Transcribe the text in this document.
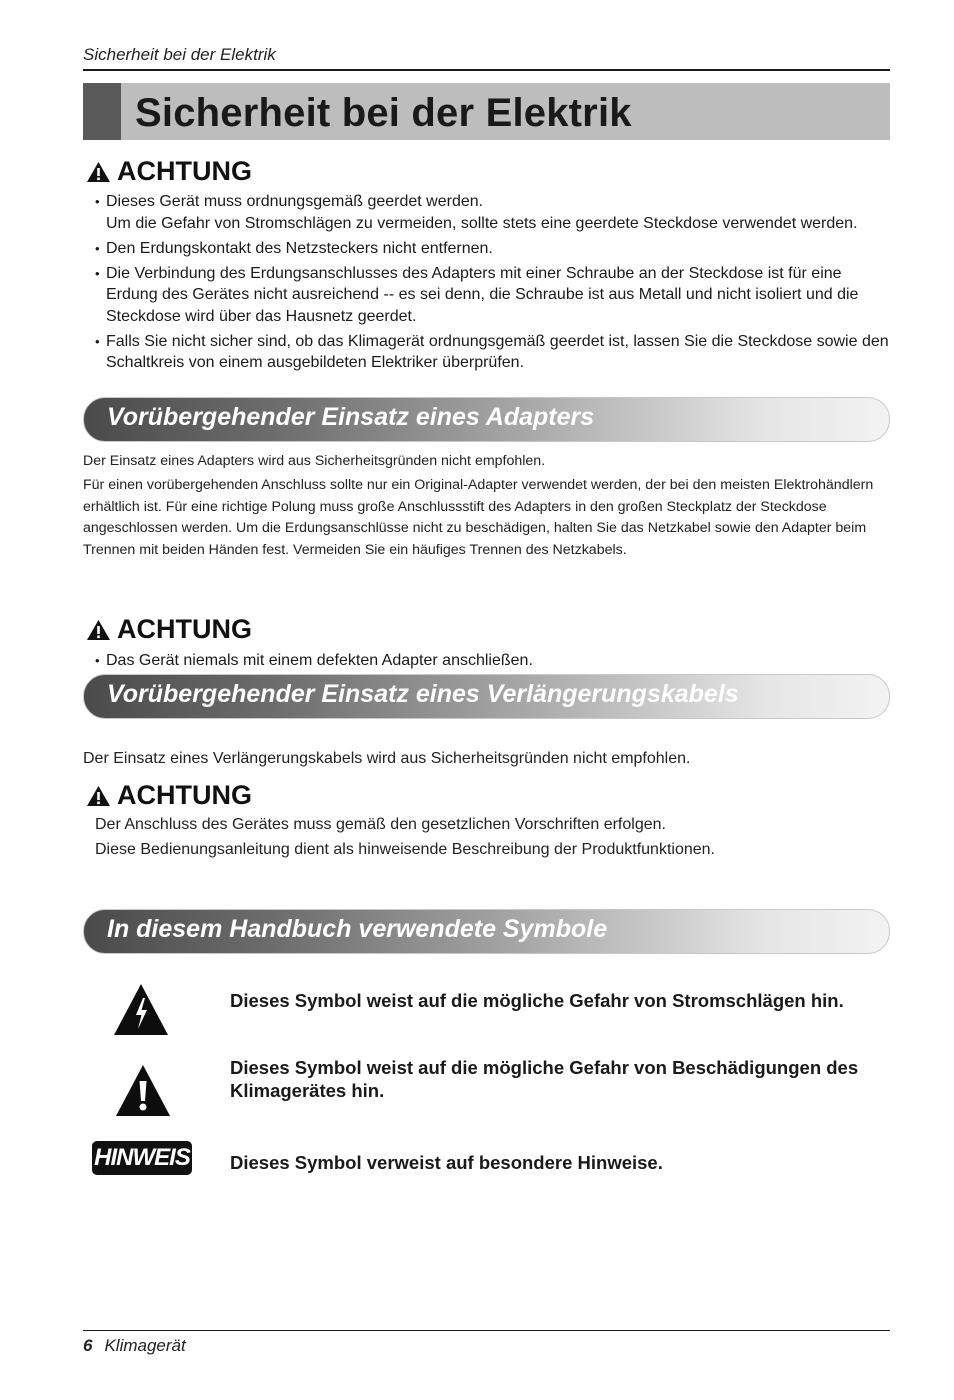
Sicherheit bei der Elektrik
Sicherheit bei der Elektrik
ACHTUNG
• Dieses Gerät muss ordnungsgemäß geerdet werden.
Um die Gefahr von Stromschlägen zu vermeiden, sollte stets eine geerdete Steckdose verwendet werden.
• Den Erdungskontakt des Netzsteckers nicht entfernen.
• Die Verbindung des Erdungsanschlusses des Adapters mit einer Schraube an der Steckdose ist für eine Erdung des Gerätes nicht ausreichend -- es sei denn, die Schraube ist aus Metall und nicht isoliert und die Steckdose wird über das Hausnetz geerdet.
• Falls Sie nicht sicher sind, ob das Klimagerät ordnungsgemäß geerdet ist, lassen Sie die Steckdose sowie den Schaltkreis von einem ausgebildeten Elektriker überprüfen.
Vorübergehender Einsatz eines Adapters
Der Einsatz eines Adapters wird aus Sicherheitsgründen nicht empfohlen.
Für einen vorübergehenden Anschluss sollte nur ein Original-Adapter verwendet werden, der bei den meisten Elektrohändlern erhältlich ist. Für eine richtige Polung muss große Anschlussstift des Adapters in den großen Steckplatz der Steckdose angeschlossen werden. Um die Erdungsanschlüsse nicht zu beschädigen, halten Sie das Netzkabel sowie den Adapter beim Trennen mit beiden Händen fest. Vermeiden Sie ein häufiges Trennen des Netzkabels.
ACHTUNG
• Das Gerät niemals mit einem defekten Adapter anschließen.
Vorübergehender Einsatz eines Verlängerungskabels
Der Einsatz eines Verlängerungskabels wird aus Sicherheitsgründen nicht empfohlen.
ACHTUNG
Der Anschluss des Gerätes muss gemäß den gesetzlichen Vorschriften erfolgen.
Diese Bedienungsanleitung dient als hinweisende Beschreibung der Produktfunktionen.
In diesem Handbuch verwendete Symbole
Dieses Symbol weist auf die mögliche Gefahr von Stromschlägen hin.
Dieses Symbol weist auf die mögliche Gefahr von Beschädigungen des Klimagerätes hin.
HINWEIS Dieses Symbol verweist auf besondere Hinweise.
6 Klimagerät
